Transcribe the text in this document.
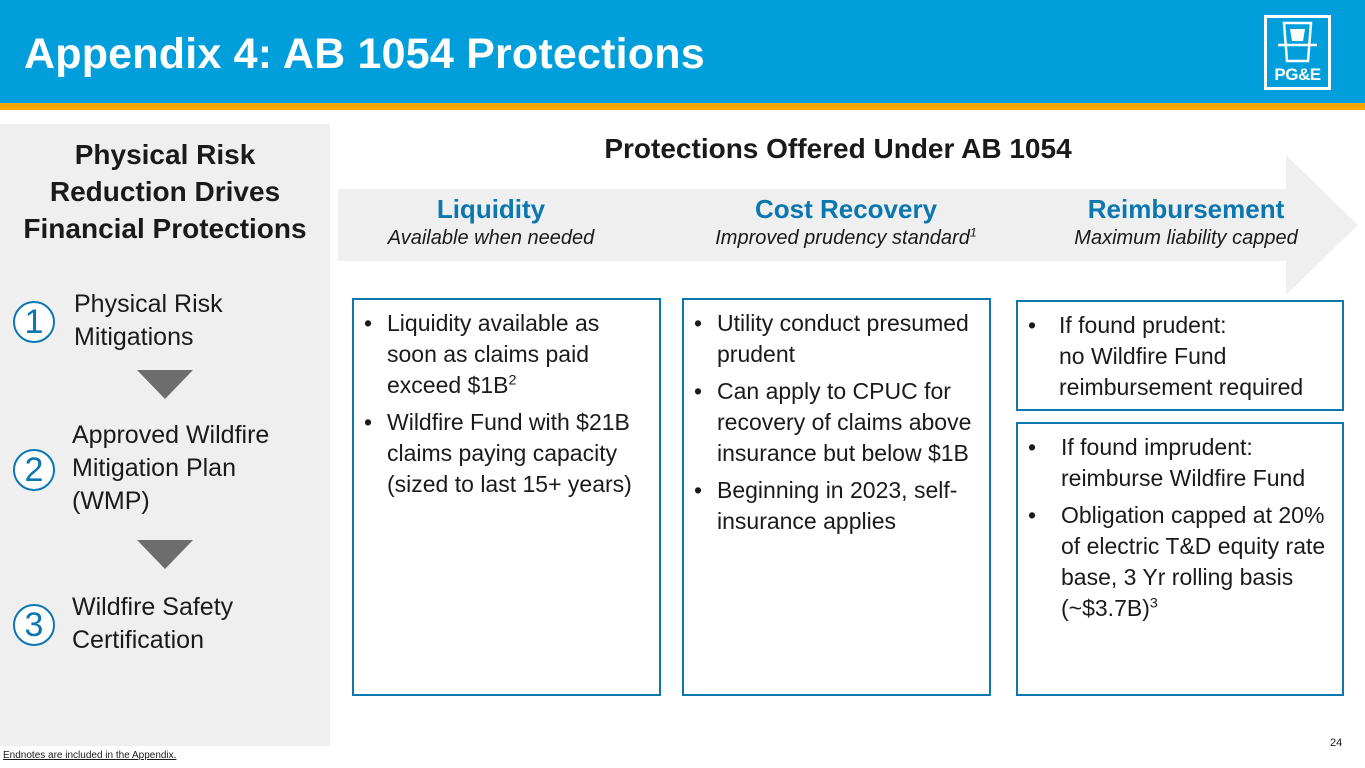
Appendix 4: AB 1054 Protections	PG&E
Physical Risk
Reduction Drives
Financial Protections
1	Physical Risk
Mitigations
2
Approved Wildfire
Mitigation Plan
(WMP)
3	Wildfire Safety
Certification
Protections Offered Under AB 1054
Liquidity
Available when needed
Cost Recovery
Improved prudency standard$^1$
Reimbursement
Maximum liability capped
• Liquidity available as soon as claims paid exceed $\$1B^2$
• Wildfire Fund with $21B claims paying capacity (sized to last 15+ years)
• Utility conduct presumed prudent
• Can apply to CPUC for recovery of claims above insurance but below $1B
• Beginning in 2023, self-insurance applies
• If found prudent:
no Wildfire Fund
reimbursement required
• If found imprudent: reimburse Wildfire Fund
• Obligation capped at 20% of electric T&D equity rate base, 3 Yr rolling basis (~$3.7B)$^3$
24
Endnotes are included in the Appendix.
